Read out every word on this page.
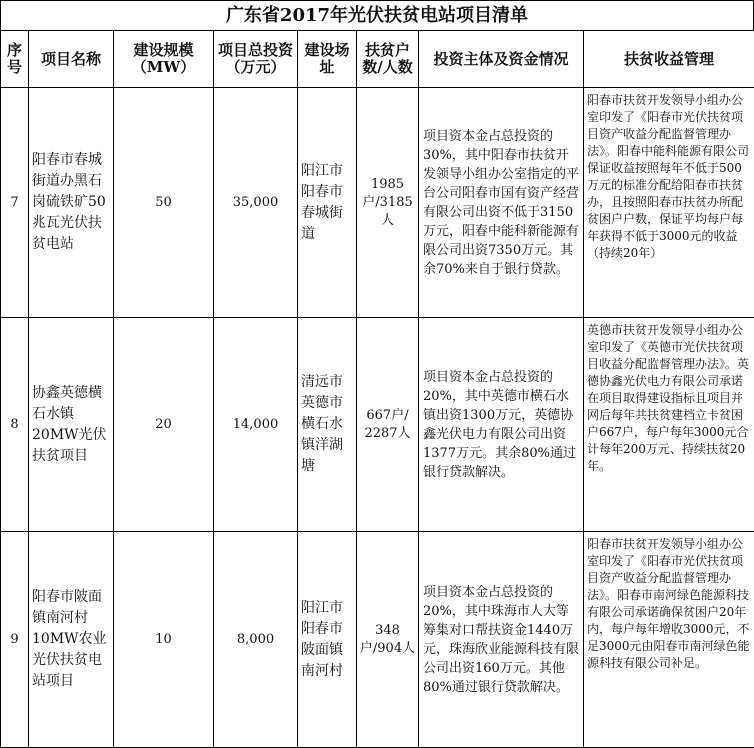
广东省2017年光伏扶贫电站项目清单
序号	项目名称	建设规模（MW）	项目总投资（万元）	建设场址	扶贫户数/人数	投资主体及资金情况	扶贫收益管理
7	阳春市春城街道办黑石岗硫铁矿50兆瓦光伏扶贫电站	50	35,000	阳江市阳春市春城街道	1985户/3185人	项目资本金占总投资的30%，其中阳春市扶贫开发领导小组办公室指定的平台公司阳春市国有资产经营有限公司出资不低于3150万元，阳春中能科新能源有限公司出资7350万元。其余70%来自于银行贷款。	阳春市扶贫开发领导小组办公室印发了《阳春市光伏扶贫项目资产收益分配监督管理办法》。阳春中能科能源有限公司保证收益按照每年不低于500万元的标准分配给阳春市扶贫办，且按照阳春市扶贫办所配贫困户户数，保证平均每户每年获得不低于3000元的收益（持续20年）

8	协鑫英德横石水镇20MW光伏扶贫项目	20	14,000	清远市英德市横石水镇洋湖塘	667户/ 2287人	项目资本金占总投资的20%，其中英德市横石水镇出资1300万元，英德协鑫光伏电力有限公司出资1377万元。其余80%通过银行贷款解决。	英德市扶贫开发领导小组办公室印发了《英德市光伏扶贫项目收益分配监督管理办法》。英德协鑫光伏电力有限公司承诺在项目取得建设指标且项目并网后每年共扶贫建档立卡贫困户667户，每户每年3000元合计每年200万元、持续扶贫20年。

9	阳春市陂面镇南河村10MW农业光伏扶贫电站项目	10	8,000	阳江市阳春市陂面镇南河村	348户/904人	项目资本金占总投资的20%，其中珠海市人大等筹集对口帮扶资金1440万元，珠海欣业能源科技有限公司出资160万元。其他80%通过银行贷款解决。	阳春市扶贫开发领导小组办公室印发了《阳春市光伏扶贫项目资产收益分配监督管理办法》。阳春市南河绿色能源科技有限公司承诺确保贫困户20年内，每户每年增收3000元，不足3000元由阳春市南河绿色能源科技有限公司补足。
